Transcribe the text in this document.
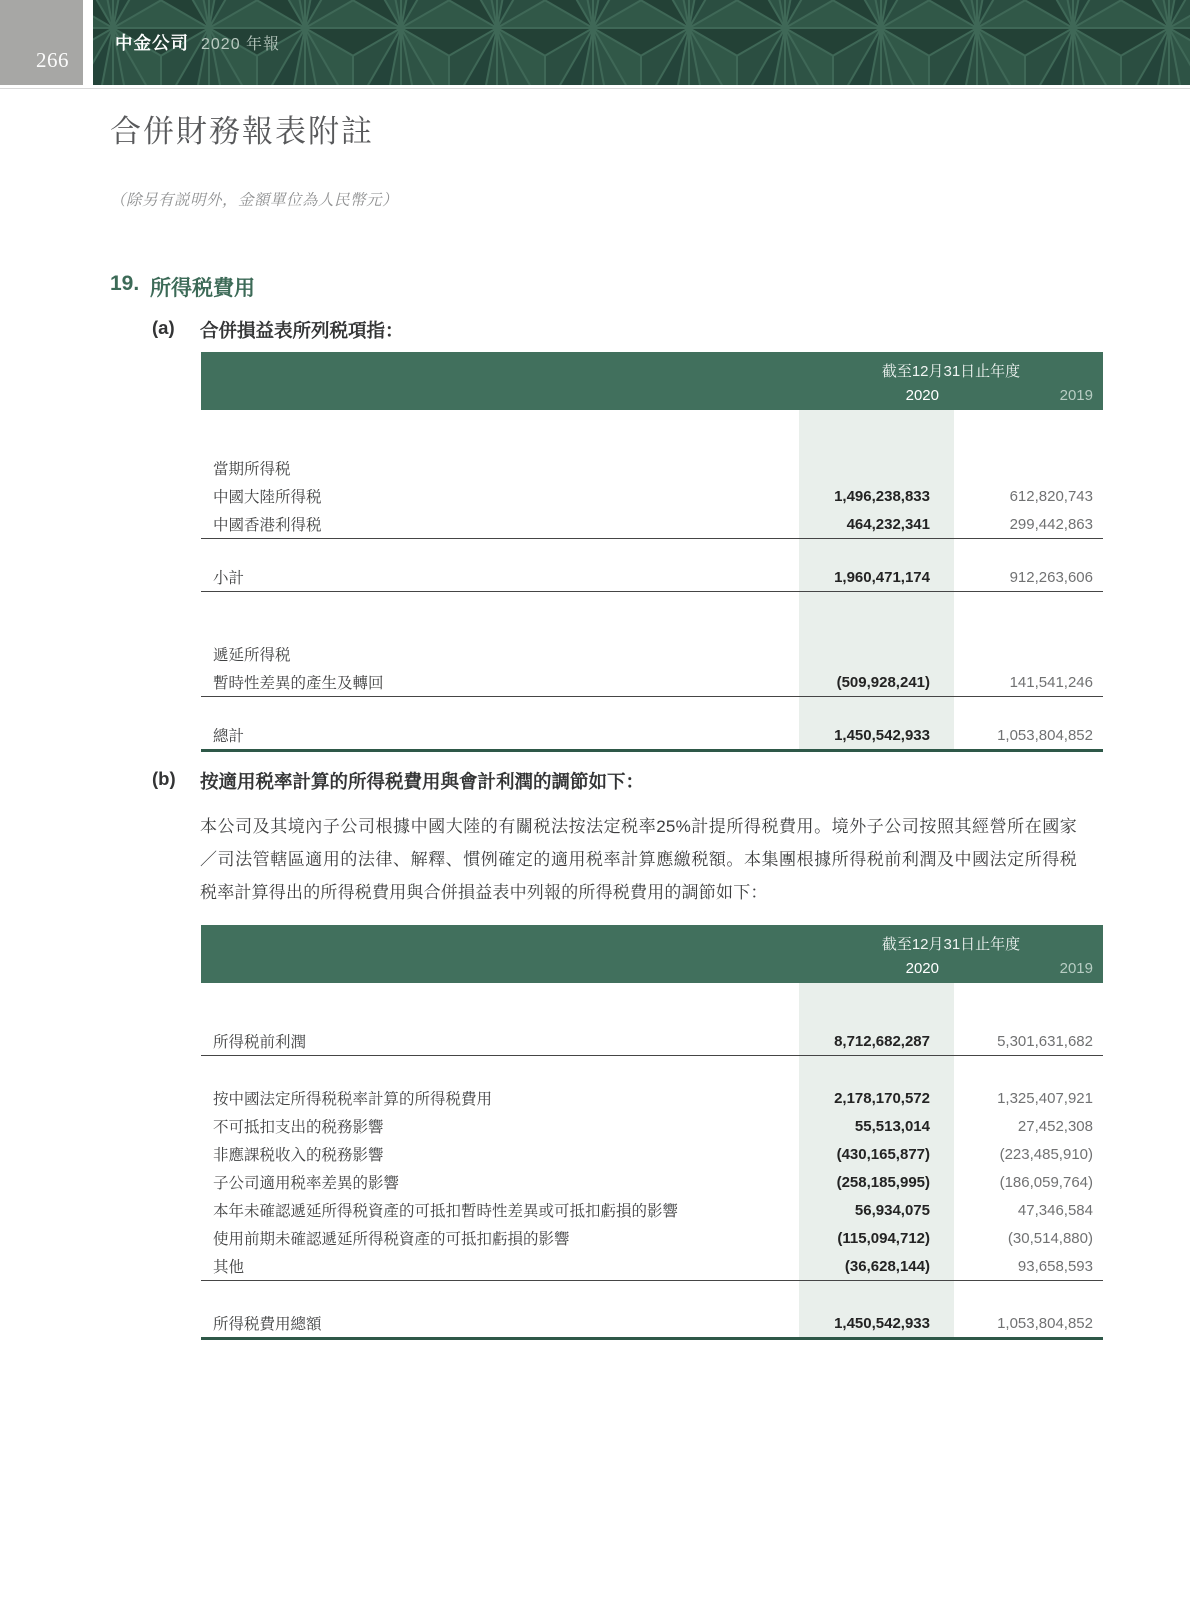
266
中金公司 2020 年報
合併財務報表附註
（除另有説明外，金額單位為人民幣元）
19. 所得税費用
(a)	合併損益表所列税項指：
截至12月31日止年度
2020	2019
當期所得税
中國大陸所得税	1,496,238,833	612,820,743
中國香港利得税	464,232,341	299,442,863
小計	1,960,471,174	912,263,606
遞延所得税
暫時性差異的產生及轉回	(509,928,241)	141,541,246
總計	1,450,542,933	1,053,804,852
(b)	按適用税率計算的所得税費用與會計利潤的調節如下：
本公司及其境內子公司根據中國大陸的有關税法按法定税率25%計提所得税費用。境外子公司按照其經營所在國家／司法管轄區適用的法律、解釋、慣例確定的適用税率計算應繳税額。本集團根據所得税前利潤及中國法定所得税税率計算得出的所得税費用與合併損益表中列報的所得税費用的調節如下：
截至12月31日止年度
2020	2019
所得税前利潤	8,712,682,287	5,301,631,682
按中國法定所得税税率計算的所得税費用	2,178,170,572	1,325,407,921
不可抵扣支出的税務影響	55,513,014	27,452,308
非應課税收入的税務影響	(430,165,877)	(223,485,910)
子公司適用税率差異的影響	(258,185,995)	(186,059,764)
本年未確認遞延所得税資產的可抵扣暫時性差異或可抵扣虧損的影響	56,934,075	47,346,584
使用前期未確認遞延所得税資產的可抵扣虧損的影響	(115,094,712)	(30,514,880)
其他	(36,628,144)	93,658,593
所得税費用總額	1,450,542,933	1,053,804,852
